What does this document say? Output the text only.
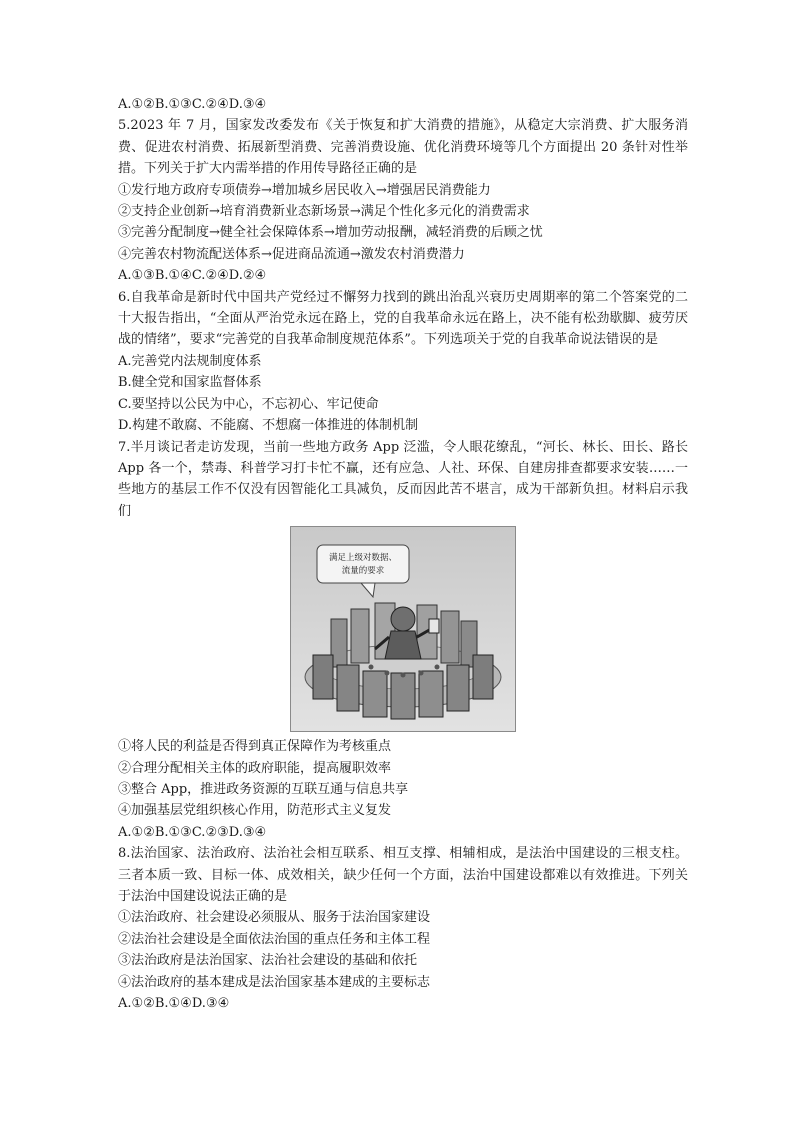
A.①②B.①③C.②④D.③④
5.2023 年 7 月，国家发改委发布《关于恢复和扩大消费的措施》，从稳定大宗消费、扩大服务消费、促进农村消费、拓展新型消费、完善消费设施、优化消费环境等几个方面提出 20 条针对性举措。下列关于扩大内需举措的作用传导路径正确的是
①发行地方政府专项债券→增加城乡居民收入→增强居民消费能力
②支持企业创新→培育消费新业态新场景→满足个性化多元化的消费需求
③完善分配制度→健全社会保障体系→增加劳动报酬，减轻消费的后顾之忧
④完善农村物流配送体系→促进商品流通→激发农村消费潜力
A.①③B.①④C.②④D.②④
6.自我革命是新时代中国共产党经过不懈努力找到的跳出治乱兴衰历史周期率的第二个答案党的二十大报告指出，“全面从严治党永远在路上，党的自我革命永远在路上，决不能有松劲歇脚、疲劳厌战的情绪”，要求“完善党的自我革命制度规范体系”。下列选项关于党的自我革命说法错误的是
A.完善党内法规制度体系
B.健全党和国家监督体系
C.要坚持以公民为中心，不忘初心、牢记使命
D.构建不敢腐、不能腐、不想腐一体推进的体制机制
7.半月谈记者走访发现，当前一些地方政务 App 泛滥，令人眼花缭乱，“河长、林长、田长、路长 App 各一个，禁毒、科普学习打卡忙不赢，还有应急、人社、环保、自建房排查都要求安装……一些地方的基层工作不仅没有因智能化工具减负，反而因此苦不堪言，成为干部新负担。材料启示我们
满足上级对数据、
流量的要求
①将人民的利益是否得到真正保障作为考核重点
②合理分配相关主体的政府职能，提高履职效率
③整合 App，推进政务资源的互联互通与信息共享
④加强基层党组织核心作用，防范形式主义复发
A.①②B.①③C.②③D.③④
8.法治国家、法治政府、法治社会相互联系、相互支撑、相辅相成，是法治中国建设的三根支柱。三者本质一致、目标一体、成效相关，缺少任何一个方面，法治中国建设都难以有效推进。下列关于法治中国建设说法正确的是
①法治政府、社会建设必须服从、服务于法治国家建设
②法治社会建设是全面依法治国的重点任务和主体工程
③法治政府是法治国家、法治社会建设的基础和依托
④法治政府的基本建成是法治国家基本建成的主要标志
A.①②B.①④D.③④
